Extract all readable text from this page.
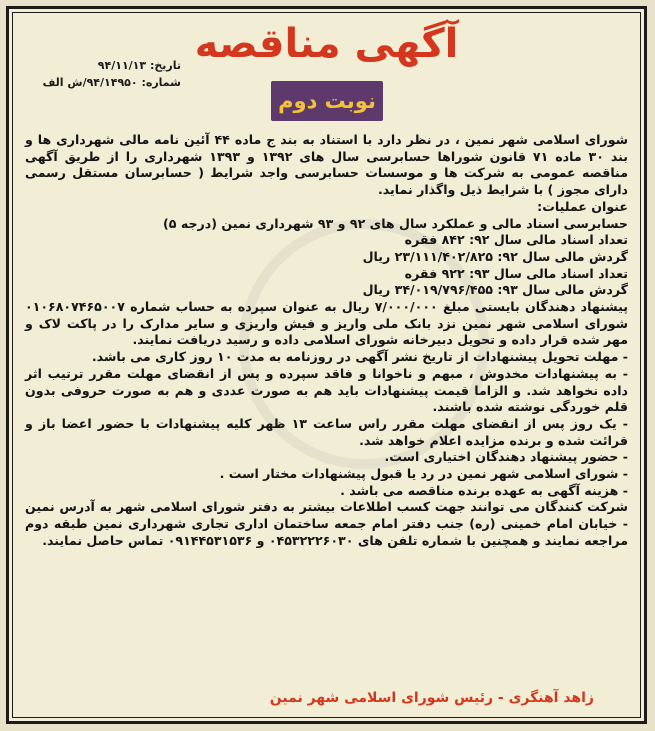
آگهی مناقصه
تاریخ: ۹۴/۱۱/۱۳
شماره: ۹۴/۱۴۹۵۰/ش الف
نوبت دوم

شورای اسلامی شهر نمین ، در نظر دارد با استناد به بند ج ماده ۴۴ آئین نامه مالی شهرداری ها و بند ۳۰ ماده ۷۱ قانون شوراها حسابرسی سال های ۱۳۹۲ و ۱۳۹۳ شهرداری را از طریق آگهی مناقصه عمومی به شرکت ها و موسسات حسابرسی واجد شرایط ( حسابرسان مستقل رسمی دارای مجوز ) با شرایط ذیل واگذار نماید.

عنوان عملیات:

حسابرسی اسناد مالی و عملکرد سال های ۹۲ و ۹۳ شهرداری نمین (درجه ۵)

تعداد اسناد مالی سال ۹۲: ۸۴۲ فقره

گردش مالی سال ۹۲: ۲۳/۱۱۱/۴۰۲/۸۲۵ ریال

تعداد اسناد مالی سال ۹۳: ۹۲۲ فقره

گردش مالی سال ۹۳: ۳۴/۰۱۹/۷۹۶/۴۵۵ ریال

پیشنهاد دهندگان بایستی مبلغ ۷/۰۰۰/۰۰۰ ریال به عنوان سپرده به حساب شماره ۰۱۰۶۸۰۷۴۶۵۰۰۷ شورای اسلامی شهر نمین نزد بانک ملی واریز و فیش واریزی و سایر مدارک را در پاکت لاک و مهر شده قرار داده و تحویل دبیرخانه شورای اسلامی داده و رسید دریافت نمایند.

- مهلت تحویل پیشنهادات از تاریخ نشر آگهی در روزنامه به مدت ۱۰ روز کاری می باشد.

- به پیشنهادات مخدوش ، مبهم و ناخوانا و فاقد سپرده و پس از انقضای مهلت مقرر ترتیب اثر داده نخواهد شد. و الزاما قیمت پیشنهادات باید هم به صورت عددی و هم به صورت حروفی بدون قلم خوردگی نوشته شده باشند.

- یک روز پس از انقضای مهلت مقرر راس ساعت ۱۳ ظهر کلیه پیشنهادات با حضور اعضا باز و قرائت شده و برنده مزایده اعلام خواهد شد.

- حضور پیشنهاد دهندگان اختیاری است.

- شورای اسلامی شهر نمین در رد یا قبول پیشنهادات مختار است .

- هزینه آگهی به عهده برنده مناقصه می باشد .

شرکت کنندگان می توانند جهت کسب اطلاعات بیشتر به دفتر شورای اسلامی شهر به آدرس نمین - خیابان امام خمینی (ره) جنب دفتر امام جمعه ساختمان اداری تجاری شهرداری نمین طبقه دوم مراجعه نمایند و همچنین با شماره تلفن های ۰۴۵۳۲۲۲۶۰۳۰ و ۰۹۱۴۴۵۳۱۵۳۶ تماس حاصل نمایند.

زاهد آهنگری - رئیس شورای اسلامی شهر نمین
